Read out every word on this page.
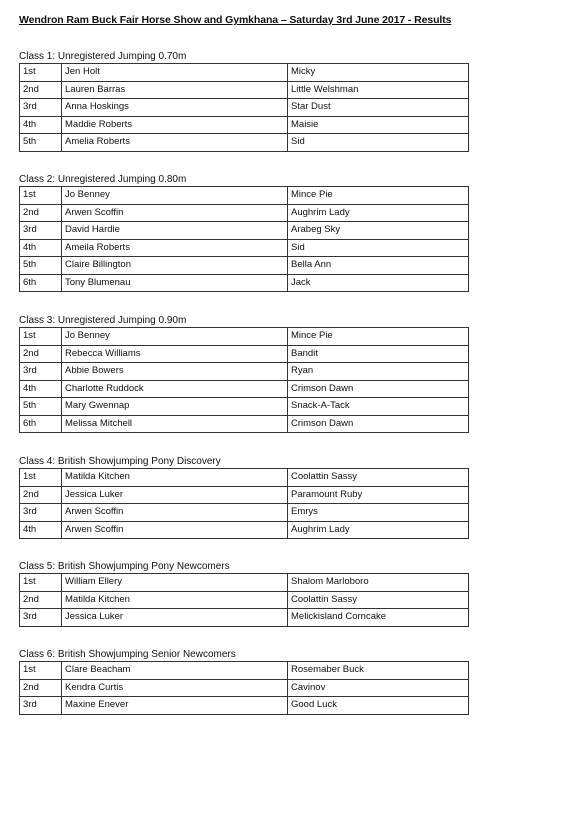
Wendron Ram Buck Fair Horse Show and Gymkhana – Saturday 3rd June 2017 - Results
Class 1: Unregistered Jumping 0.70m
1st	Jen Holt	Micky
2nd	Lauren Barras	Little Welshman
3rd	Anna Hoskings	Star Dust
4th	Maddie Roberts	Maisie
5th	Amelia Roberts	Sid
Class 2: Unregistered Jumping 0.80m
1st	Jo Benney	Mince Pie
2nd	Arwen Scoffin	Aughrim Lady
3rd	David Hardie	Arabeg Sky
4th	Ameila Roberts	Sid
5th	Claire Billington	Bella Ann
6th	Tony Blumenau	Jack
Class 3: Unregistered Jumping 0.90m
1st	Jo Benney	Mince Pie
2nd	Rebecca Williams	Bandit
3rd	Abbie Bowers	Ryan
4th	Charlotte Ruddock	Crimson Dawn
5th	Mary Gwennap	Snack-A-Tack
6th	Melissa Mitchell	Crimson Dawn
Class 4: British Showjumping Pony Discovery
1st	Matilda Kitchen	Coolattin Sassy
2nd	Jessica Luker	Paramount Ruby
3rd	Arwen Scoffin	Emrys
4th	Arwen Scoffin	Aughrim Lady
Class 5: British Showjumping Pony Newcomers
1st	William Ellery	Shalom Marloboro
2nd	Matilda Kitchen	Coolattin Sassy
3rd	Jessica Luker	Melickisland Corncake
Class 6: British Showjumping Senior Newcomers
1st	Clare Beacham	Rosemaber Buck
2nd	Kendra Curtis	Cavinov
3rd	Maxine Enever	Good Luck
